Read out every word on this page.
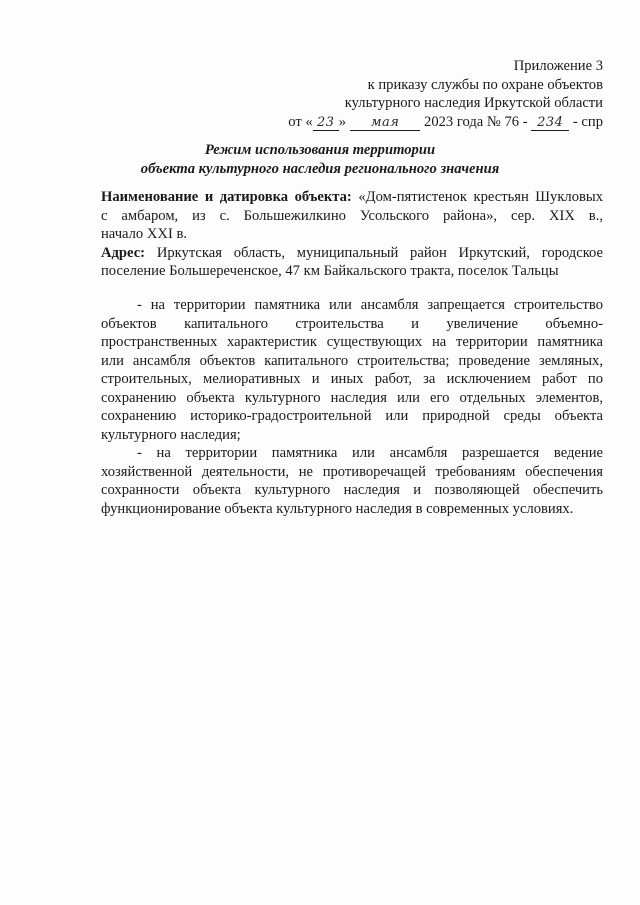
Приложение 3
к приказу службы по охране объектов
культурного наследия Иркутской области
от « 23 » мая 2023 года № 76 - 234 - спр
Режим использования территории
объекта культурного наследия регионального значения
Наименование и датировка объекта: «Дом-пятистенок крестьян Шукловых
с амбаром, из с. Большежилкино Усольского района», сер. XIX в.,
начало XXI в.
Адрес: Иркутская область, муниципальный район Иркутский, городское
поселение Большереченское, 47 км Байкальского тракта, поселок Тальцы
- на территории памятника или ансамбля запрещается строительство
объектов капитального строительства и увеличение объемно-
пространственных характеристик существующих на территории памятника
или ансамбля объектов капитального строительства; проведение земляных,
строительных, мелиоративных и иных работ, за исключением работ по
сохранению объекта культурного наследия или его отдельных элементов,
сохранению историко-градостроительной или природной среды объекта
культурного наследия;
- на территории памятника или ансамбля разрешается ведение
хозяйственной деятельности, не противоречащей требованиям обеспечения
сохранности объекта культурного наследия и позволяющей обеспечить
функционирование объекта культурного наследия в современных условиях.
